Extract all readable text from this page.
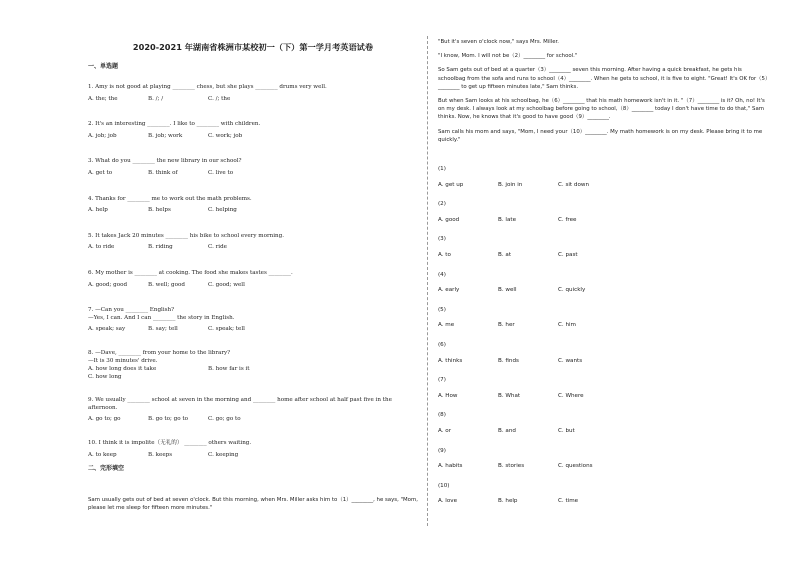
2020-2021 年湖南省株洲市某校初一（下）第一学月考英语试卷
一、单选题
1. Amy is not good at playing ________ chess, but she plays ________ drums very well.
A. the; the	B. /; /	C. /; the
2. It's an interesting ________. I like to ________ with children.
A. job; job	B. job; work	C. work; job
3. What do you ________ the new library in our school?
A. get to	B. think of	C. live to
4. Thanks for ________ me to work out the math problems.
A. help	B. helps	C. helping
5. It takes Jack 20 minutes ________ his bike to school every morning.
A. to ride	B. riding	C. ride
6. My mother is ________ at cooking. The food she makes tastes ________.
A. good; good	B. well; good	C. good; well
7. —Can you ________ English?
—Yes, I can. And I can ________ the story in English.
A. speak; say	B. say; tell	C. speak; tell
8. —Dave, ________ from your home to the library?
—It is 30 minutes' drive.
A. how long does it take	B. how far is it
C. how long
9. We usually ________ school at seven in the morning and ________ home after school at half past five in the
afternoon.
A. go to; go	B. go to; go to	C. go; go to
10. I think it is impolite（无礼的） ________ others waiting.
A. to keep	B. keeps	C. keeping
二、完形填空

Sam usually gets out of bed at seven o'clock. But this morning, when Mrs. Miller asks him to（1）________, he says, "Mom, please let me sleep for fifteen more minutes."

"But it's seven o'clock now," says Mrs. Miller.

"I know, Mom. I will not be（2）________ for school."

So Sam gets out of bed at a quarter（3）________ seven this morning. After having a quick breakfast, he gets his schoolbag from the sofa and runs to school（4）________. When he gets to school, it is five to eight. "Great! It's OK for（5）________ to get up fifteen minutes late," Sam thinks.

But when Sam looks at his schoolbag, he（6）________ that his math homework isn't in it. "（7）________ is it? Oh, no! It's on my desk. I always look at my schoolbag before going to school,（8）________ today I don't have time to do that," Sam thinks. Now, he knows that it's good to have good（9）________.

Sam calls his mom and says, "Mom, I need your（10）________. My math homework is on my desk. Please bring it to me quickly."

(1)
A. get up	B. join in	C. sit down
(2)
A. good	B. late	C. free
(3)
A. to	B. at	C. past
(4)
A. early	B. well	C. quickly
(5)
A. me	B. her	C. him
(6)
A. thinks	B. finds	C. wants
(7)
A. How	B. What	C. Where
(8)
A. or	B. and	C. but
(9)
A. habits	B. stories	C. questions
(10)
A. love	B. help	C. time
